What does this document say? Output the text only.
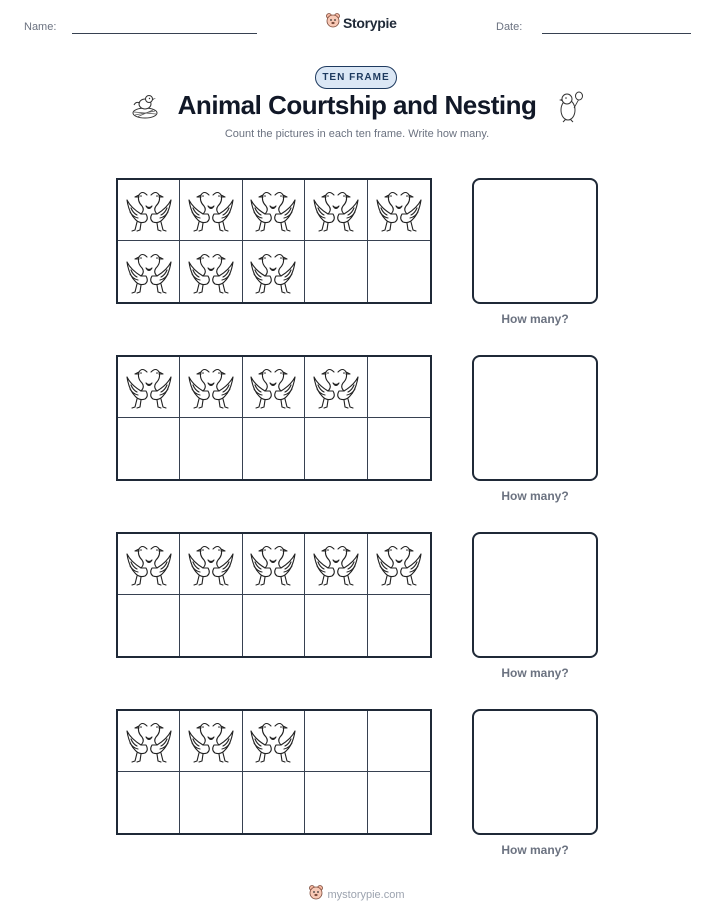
Name:	Storypie	Date:
TEN FRAME
Animal Courtship and Nesting
Count the pictures in each ten frame. Write how many.
How many?
How many?
How many?
How many?
mystorypie.com
